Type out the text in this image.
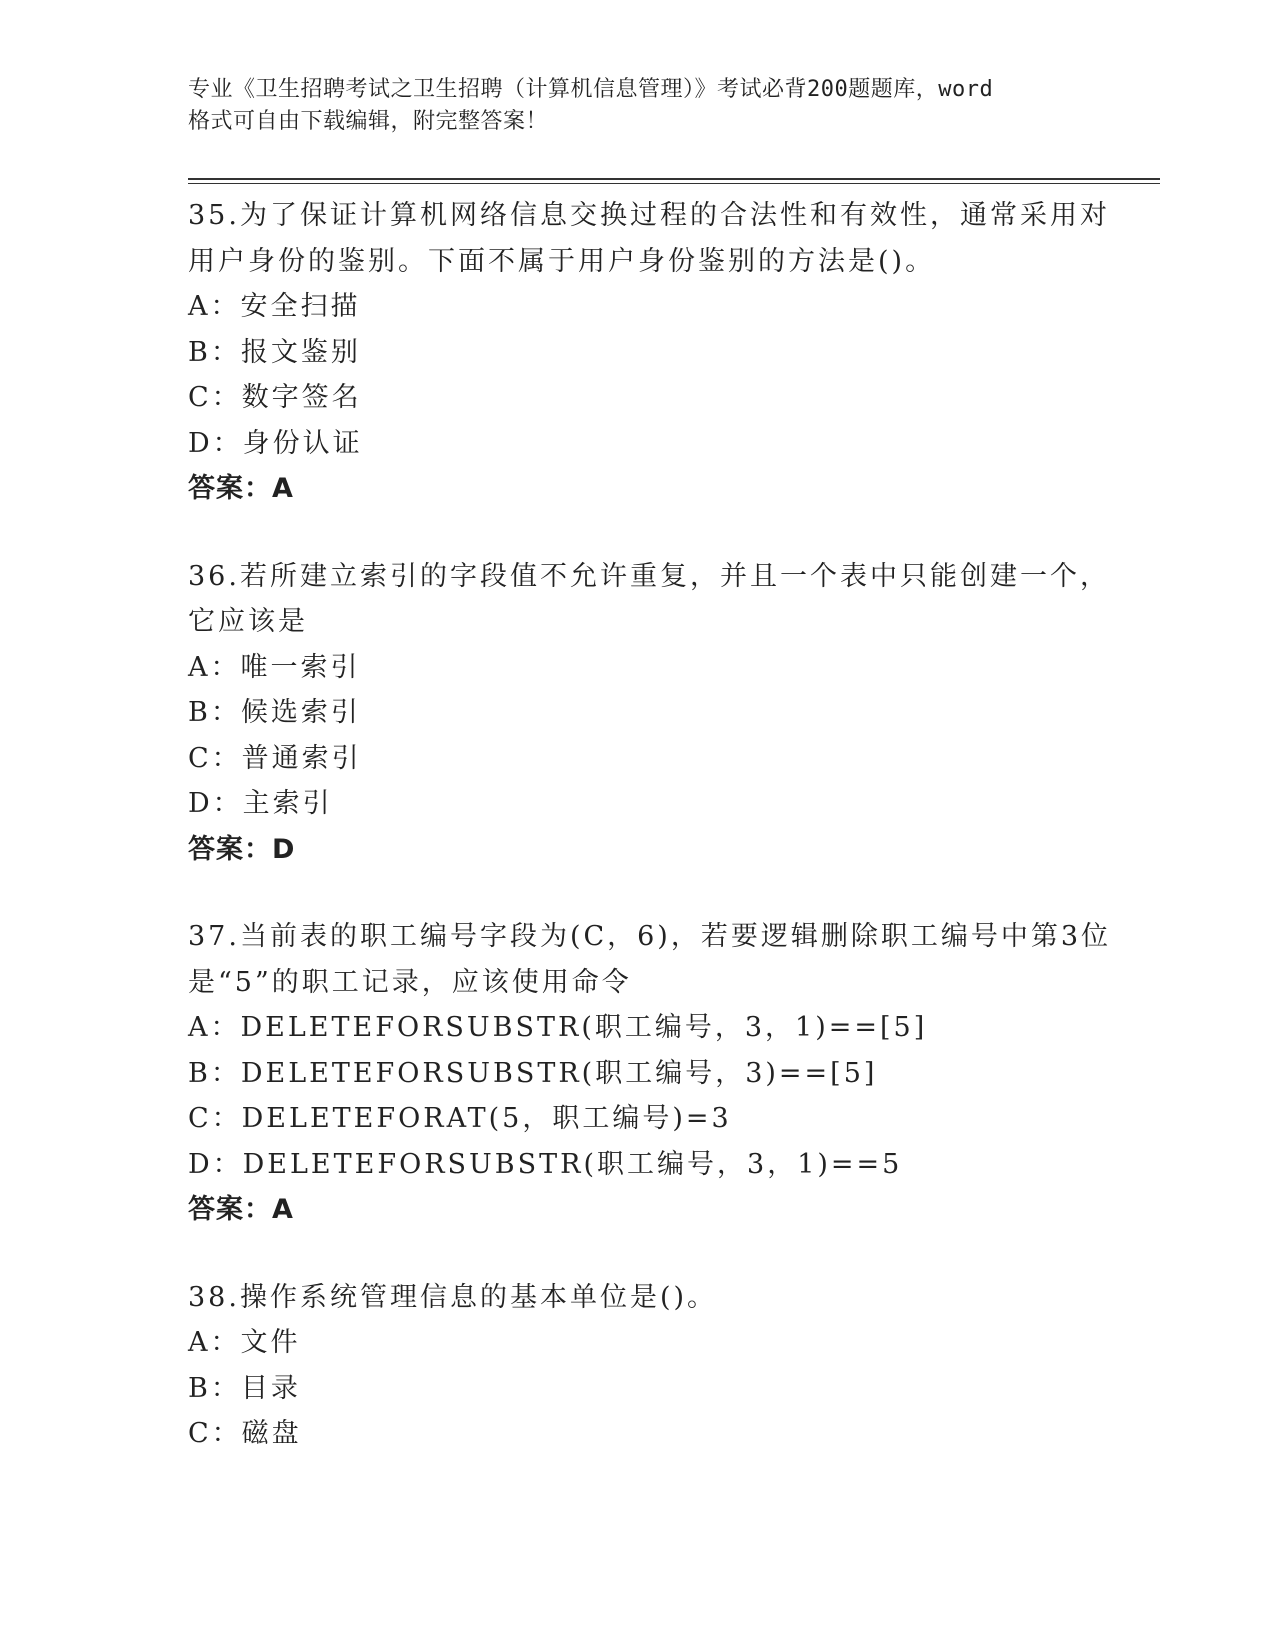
专业《卫生招聘考试之卫生招聘（计算机信息管理）》考试必背200题题库，word
格式可自由下载编辑，附完整答案！
35.为了保证计算机网络信息交换过程的合法性和有效性，通常采用对
用户身份的鉴别。下面不属于用户身份鉴别的方法是()。
A：安全扫描
B：报文鉴别
C：数字签名
D：身份认证
答案：A
36.若所建立索引的字段值不允许重复，并且一个表中只能创建一个，
它应该是
A：唯一索引
B：候选索引
C：普通索引
D：主索引
答案：D
37.当前表的职工编号字段为(C，6)，若要逻辑删除职工编号中第3位
是“5”的职工记录，应该使用命令
A：DELETEFORSUBSTR(职工编号，3，1)==[5]
B：DELETEFORSUBSTR(职工编号，3)==[5]
C：DELETEFORAT(5，职工编号)=3
D：DELETEFORSUBSTR(职工编号，3，1)==5
答案：A
38.操作系统管理信息的基本单位是()。
A：文件
B：目录
C：磁盘
